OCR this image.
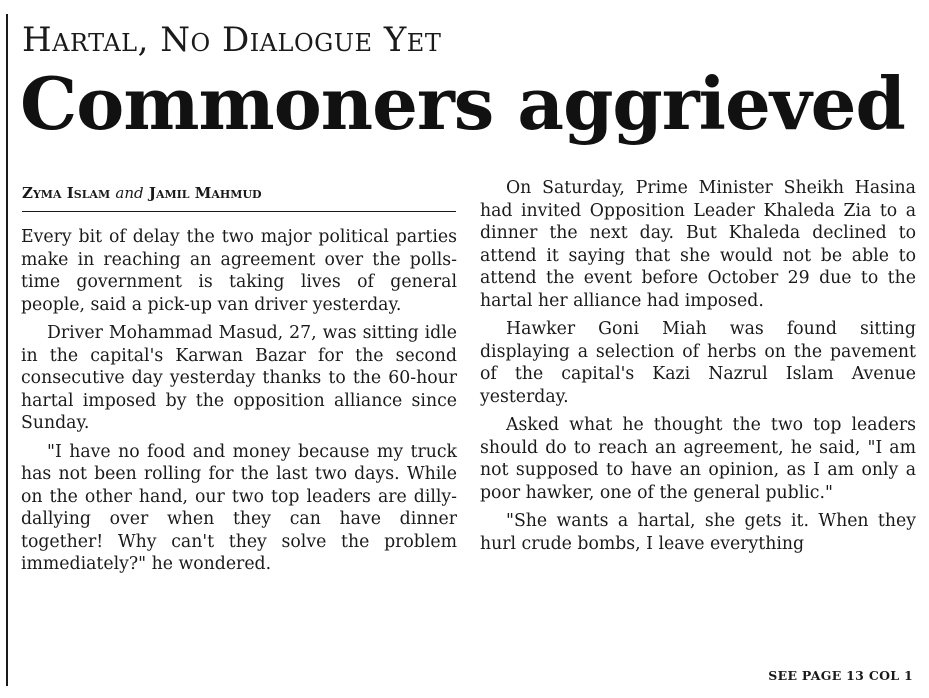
Hartal, No Dialogue Yet
Commoners aggrieved
Zyma Islam and Jamil Mahmud

Every bit of delay the two major political parties make in reaching an agreement over the polls-time government is taking lives of general people, said a pick-up van driver yesterday.

Driver Mohammad Masud, 27, was sitting idle in the capital's Karwan Bazar for the second consecutive day yesterday thanks to the 60-hour hartal imposed by the opposition alliance since Sunday.

"I have no food and money because my truck has not been rolling for the last two days. While on the other hand, our two top leaders are dilly-dallying over when they can have dinner together! Why can't they solve the problem immediately?" he wondered.

On Saturday, Prime Minister Sheikh Hasina had invited Opposition Leader Khaleda Zia to a dinner the next day. But Khaleda declined to attend it saying that she would not be able to attend the event before October 29 due to the hartal her alliance had imposed.

Hawker Goni Miah was found sitting displaying a selection of herbs on the pavement of the capital's Kazi Nazrul Islam Avenue yesterday.

Asked what he thought the two top leaders should do to reach an agreement, he said, "I am not supposed to have an opinion, as I am only a poor hawker, one of the general public."

"She wants a hartal, she gets it. When they hurl crude bombs, I leave everything

SEE PAGE 13 COL 1
